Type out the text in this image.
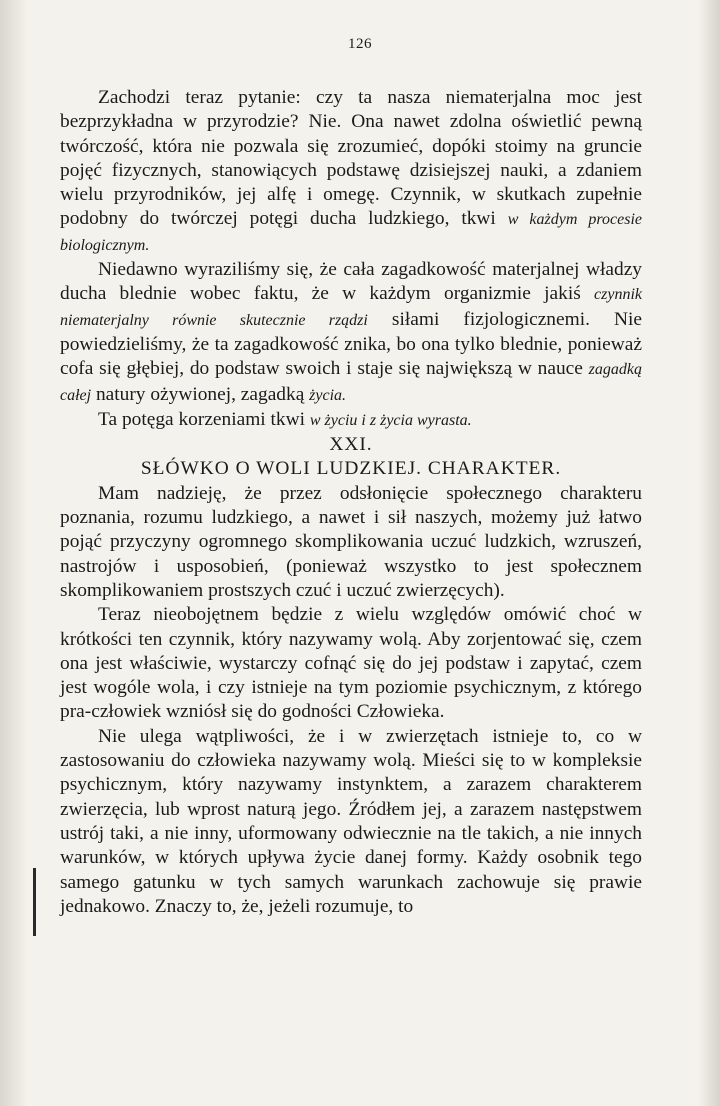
126

Zachodzi teraz pytanie: czy ta nasza niematerjalna moc jest bezprzykładna w przyrodzie? Nie. Ona nawet zdolna oświetlić pewną twórczość, która nie pozwala się zrozumieć, dopóki stoimy na gruncie pojęć fizycznych, stanowiących podstawę dzisiejszej nauki, a zdaniem wielu przyrodników, jej alfę i omegę. Czynnik, w skutkach zupełnie podobny do twórczej potęgi ducha ludzkiego, tkwi w każdym procesie biologicznym.

Niedawno wyraziliśmy się, że cała zagadkowość materjalnej władzy ducha blednie wobec faktu, że w każdym organizmie jakiś czynnik niematerjalny równie skutecznie rządzi siłami fizjologicznemi. Nie powiedzieliśmy, że ta zagadkowość znika, bo ona tylko blednie, ponieważ cofa się głębiej, do podstaw swoich i staje się największą w nauce zagadką całej natury ożywionej, zagadką życia.

Ta potęga korzeniami tkwi w życiu i z życia wyrasta.

XXI.

SŁÓWKO O WOLI LUDZKIEJ. CHARAKTER.

Mam nadzieję, że przez odsłonięcie społecznego charakteru poznania, rozumu ludzkiego, a nawet i sił naszych, możemy już łatwo pojąć przyczyny ogromnego skomplikowania uczuć ludzkich, wzruszeń, nastrojów i usposobień, (ponieważ wszystko to jest społecznem skomplikowaniem prostszych czuć i uczuć zwierzęcych).

Teraz nieobojętnem będzie z wielu względów omówić choć w krótkości ten czynnik, który nazywamy wolą. Aby zorjentować się, czem ona jest właściwie, wystarczy cofnąć się do jej podstaw i zapytać, czem jest wogóle wola, i czy istnieje na tym poziomie psychicznym, z którego pra-człowiek wzniósł się do godności Człowieka.

Nie ulega wątpliwości, że i w zwierzętach istnieje to, co w zastosowaniu do człowieka nazywamy wolą. Mieści się to w kompleksie psychicznym, który nazywamy instynktem, a zarazem charakterem zwierzęcia, lub wprost naturą jego. Źródłem jej, a zarazem następstwem ustrój taki, a nie inny, uformowany odwiecznie na tle takich, a nie innych warunków, w których upływa życie danej formy. Każdy osobnik tego samego gatunku w tych samych warunkach zachowuje się prawie jednakowo. Znaczy to, że, jeżeli rozumuje, to
